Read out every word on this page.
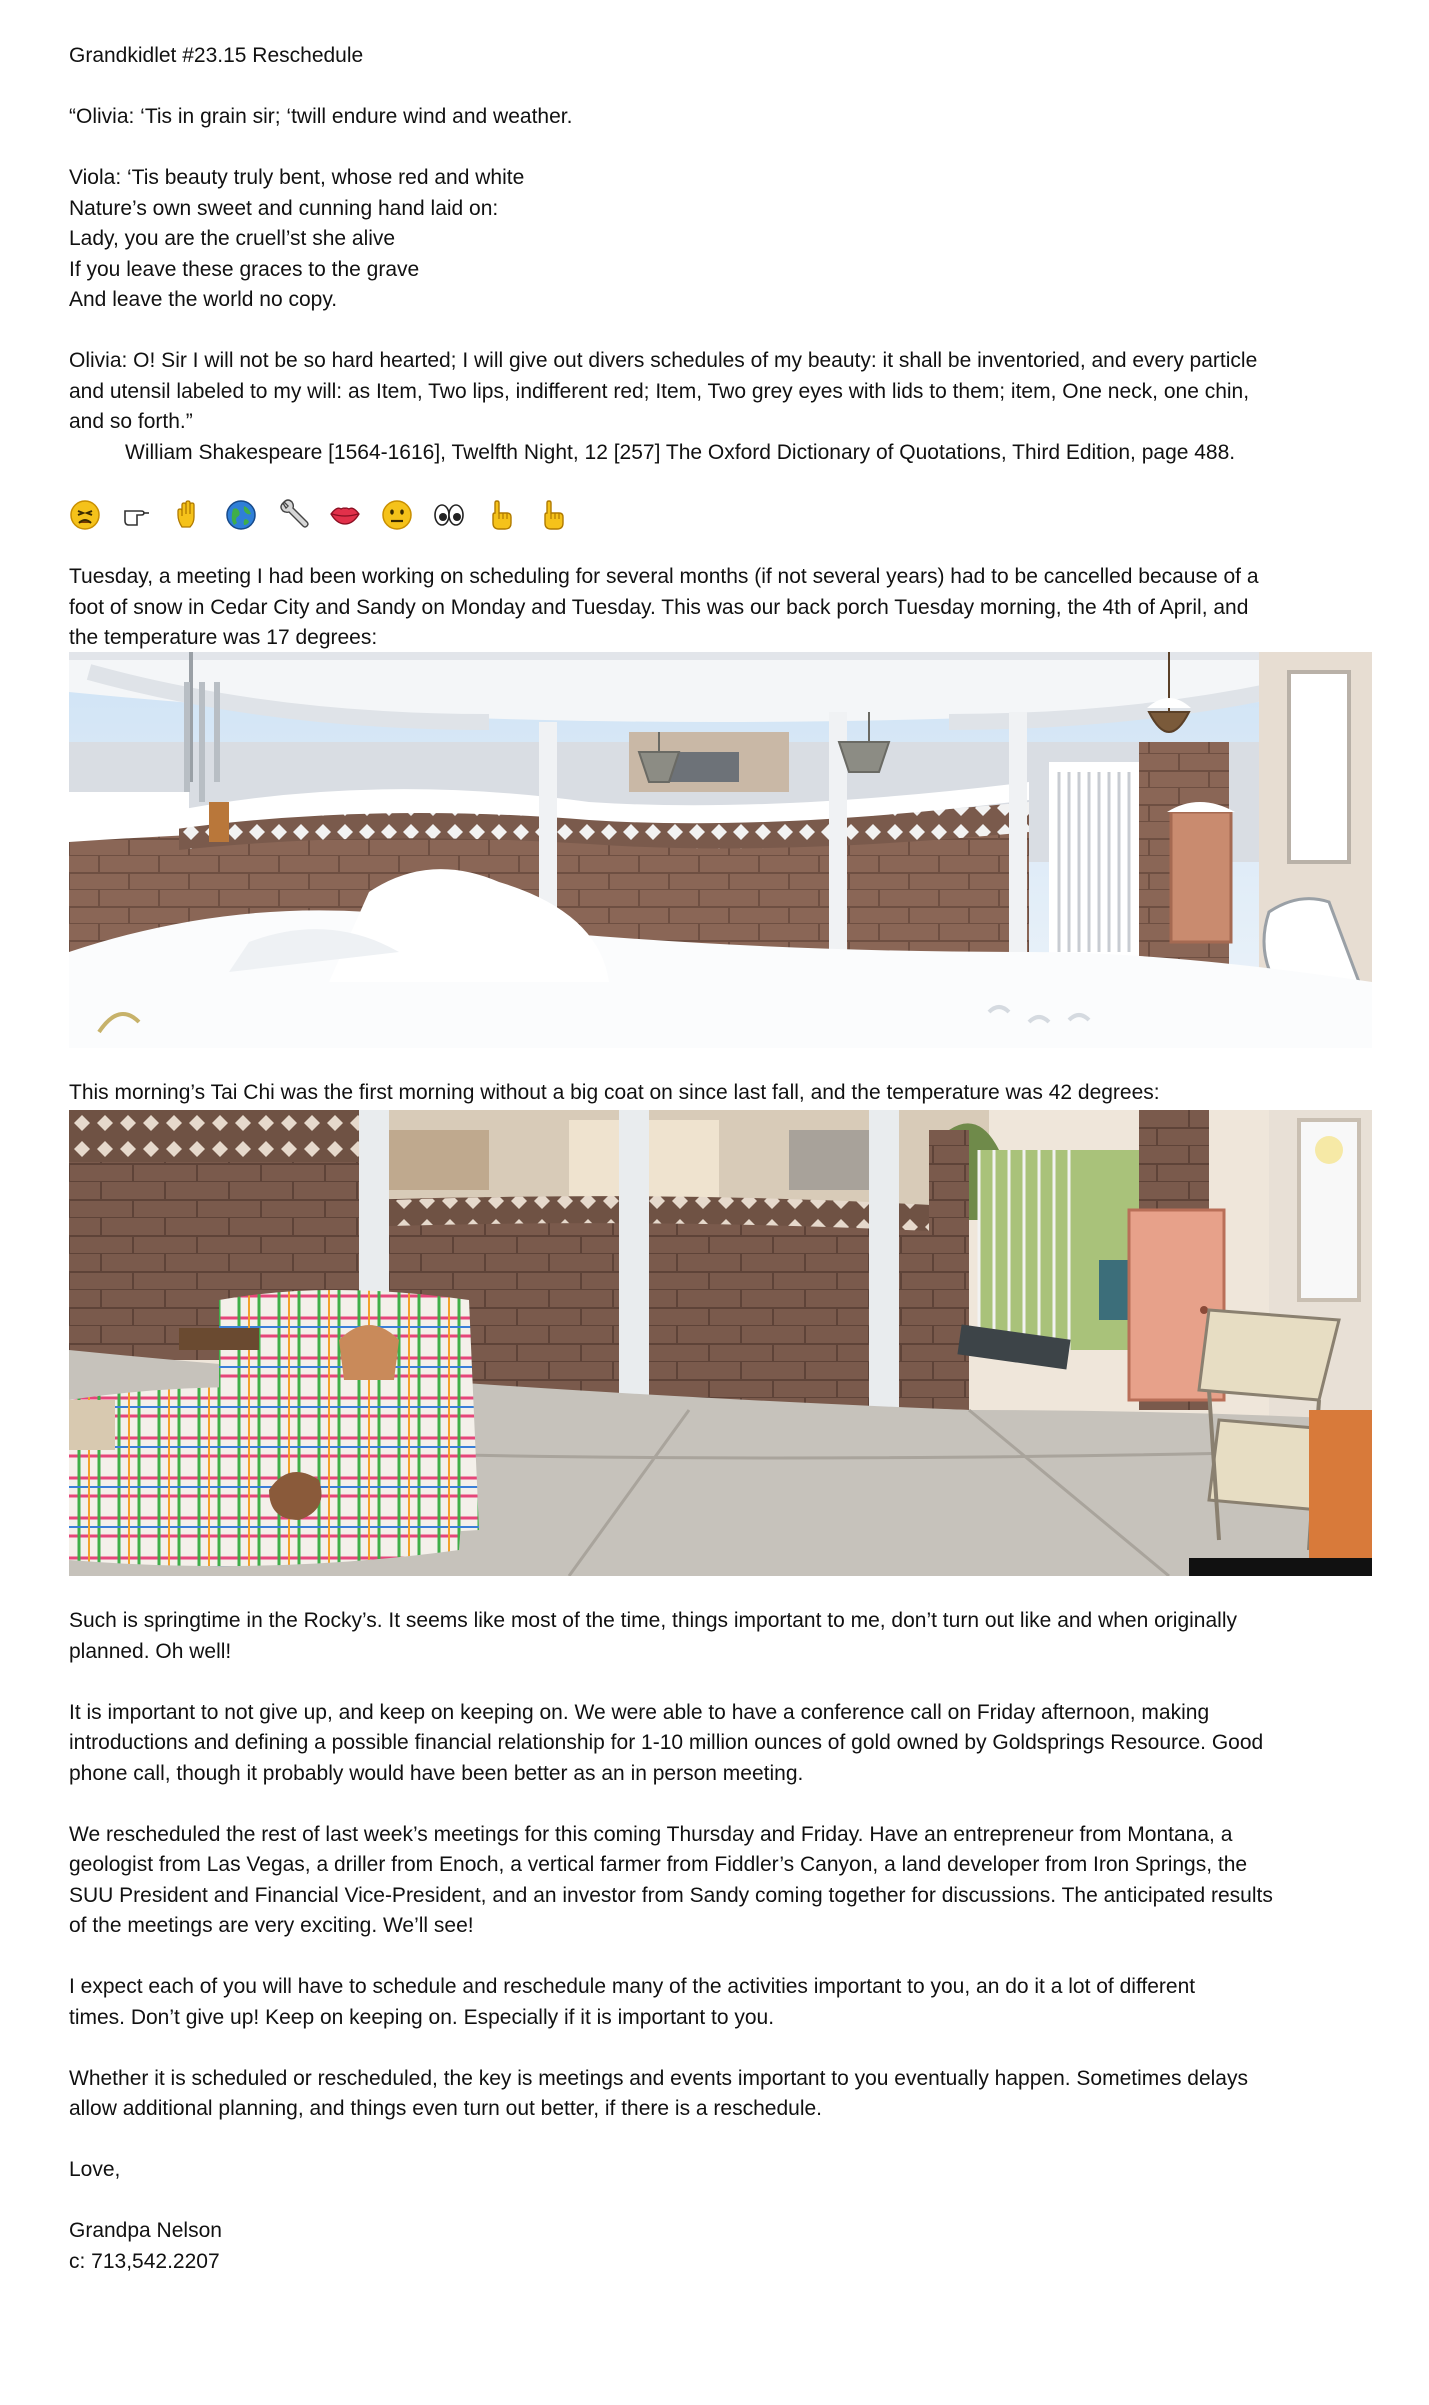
Grandkidlet #23.15 Reschedule

“Olivia: ‘Tis in grain sir; ‘twill endure wind and weather.

Viola: ‘Tis beauty truly bent, whose red and white

Nature’s own sweet and cunning hand laid on:

Lady, you are the cruell’st she alive

If you leave these graces to the grave

And leave the world no copy.

Olivia: O! Sir I will not be so hard hearted; I will give out divers schedules of my beauty: it shall be inventoried, and every particle

and utensil labeled to my will: as Item, Two lips, indifferent red; Item, Two grey eyes with lids to them; item, One neck, one chin,

and so forth.”

William Shakespeare [1564-1616], Twelfth Night, 12 [257] The Oxford Dictionary of Quotations, Third Edition, page 488.

Tuesday, a meeting I had been working on scheduling for several months (if not several years) had to be cancelled because of a

foot of snow in Cedar City and Sandy on Monday and Tuesday. This was our back porch Tuesday morning, the 4th of April, and

the temperature was 17 degrees:

This morning’s Tai Chi was the first morning without a big coat on since last fall, and the temperature was 42 degrees:

Such is springtime in the Rocky’s. It seems like most of the time, things important to me, don’t turn out like and when originally

planned. Oh well!

It is important to not give up, and keep on keeping on. We were able to have a conference call on Friday afternoon, making

introductions and defining a possible financial relationship for 1-10 million ounces of gold owned by Goldsprings Resource. Good

phone call, though it probably would have been better as an in person meeting.

We rescheduled the rest of last week’s meetings for this coming Thursday and Friday. Have an entrepreneur from Montana, a

geologist from Las Vegas, a driller from Enoch, a vertical farmer from Fiddler’s Canyon, a land developer from Iron Springs, the

SUU President and Financial Vice-President, and an investor from Sandy coming together for discussions. The anticipated results

of the meetings are very exciting. We’ll see!

I expect each of you will have to schedule and reschedule many of the activities important to you, an do it a lot of different

times. Don’t give up! Keep on keeping on. Especially if it is important to you.

Whether it is scheduled or rescheduled, the key is meetings and events important to you eventually happen. Sometimes delays

allow additional planning, and things even turn out better, if there is a reschedule.

Love,

Grandpa Nelson

c: 713,542.2207
